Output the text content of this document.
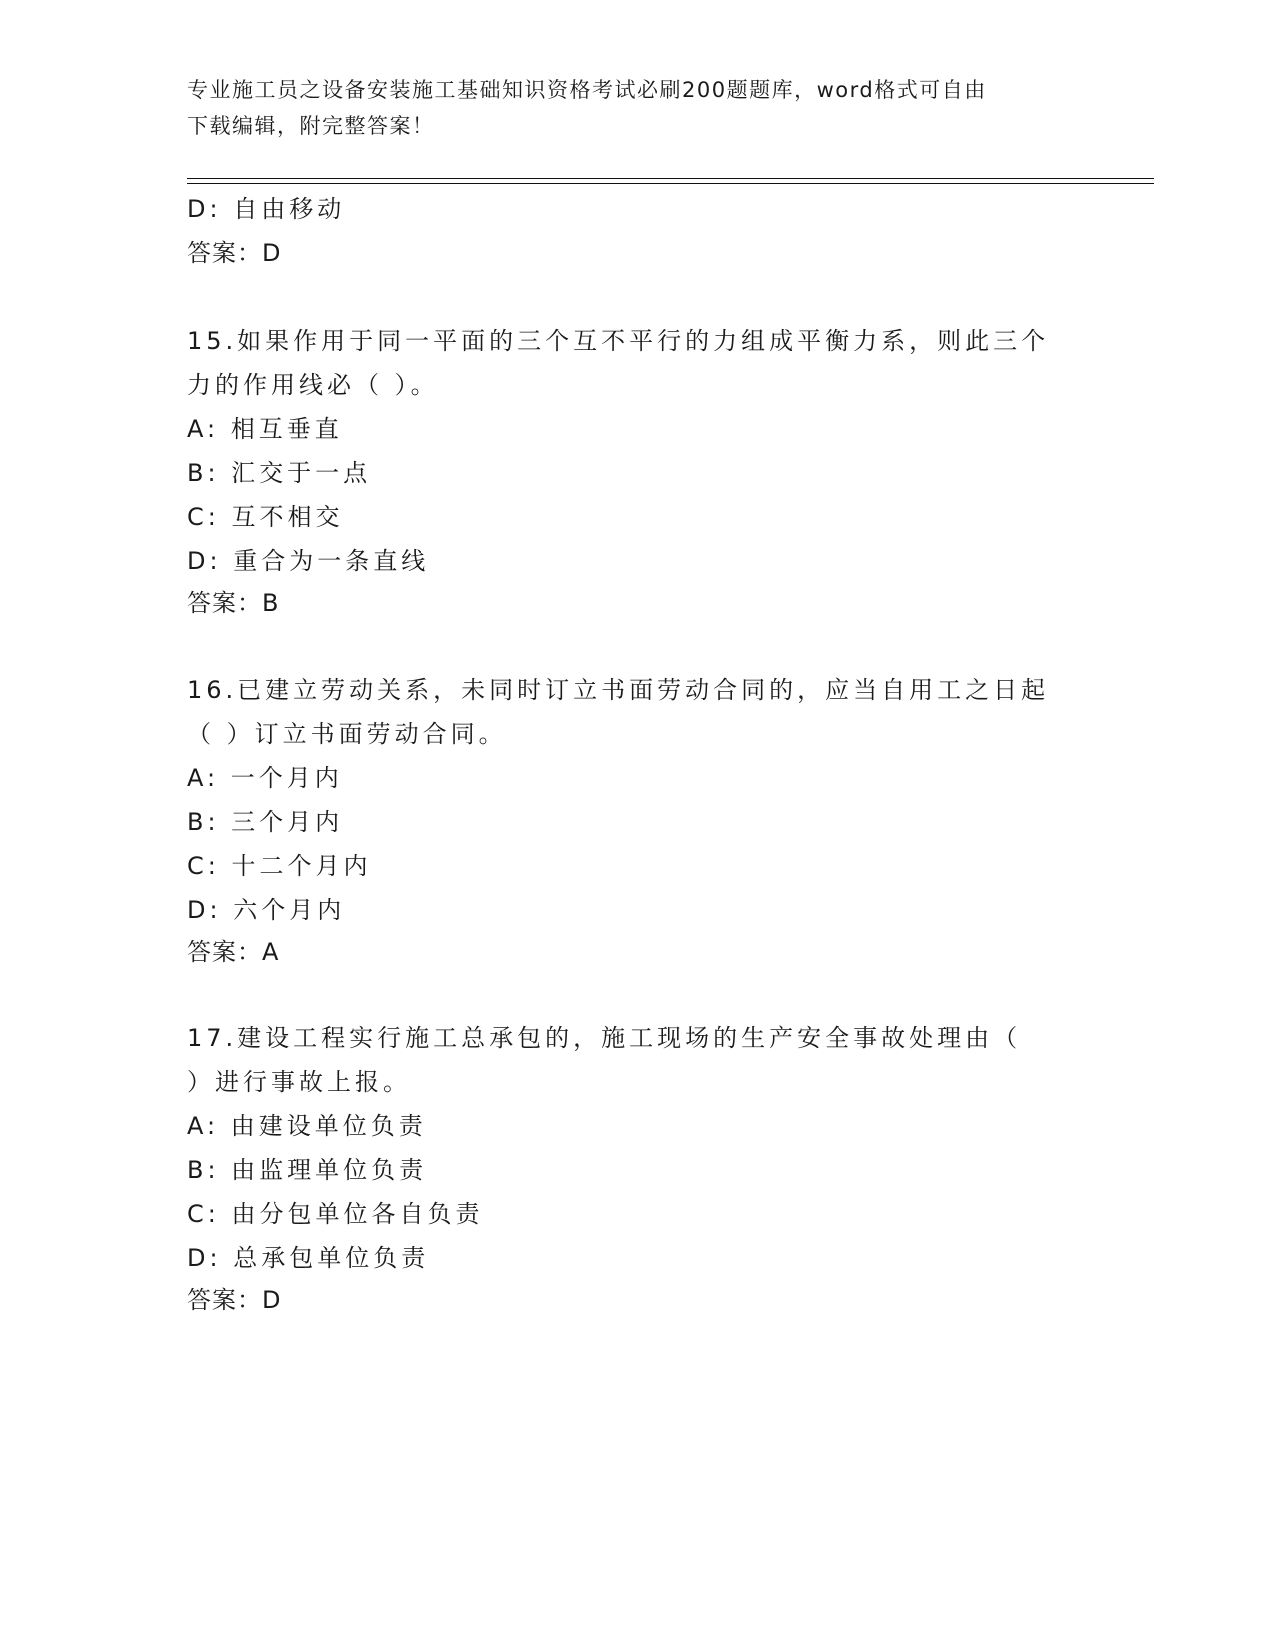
专业施工员之设备安装施工基础知识资格考试必刷200题题库，word格式可自由
下载编辑，附完整答案！
D: 自由移动
答案：D
15.如果作用于同一平面的三个互不平行的力组成平衡力系，则此三个
力的作用线必（ ）。
A: 相互垂直
B: 汇交于一点
C: 互不相交
D: 重合为一条直线
答案：B
16.已建立劳动关系，未同时订立书面劳动合同的，应当自用工之日起
（ ）订立书面劳动合同。
A: 一个月内
B: 三个月内
C: 十二个月内
D: 六个月内
答案：A
17.建设工程实行施工总承包的，施工现场的生产安全事故处理由（
）进行事故上报。
A: 由建设单位负责
B: 由监理单位负责
C: 由分包单位各自负责
D: 总承包单位负责
答案：D
